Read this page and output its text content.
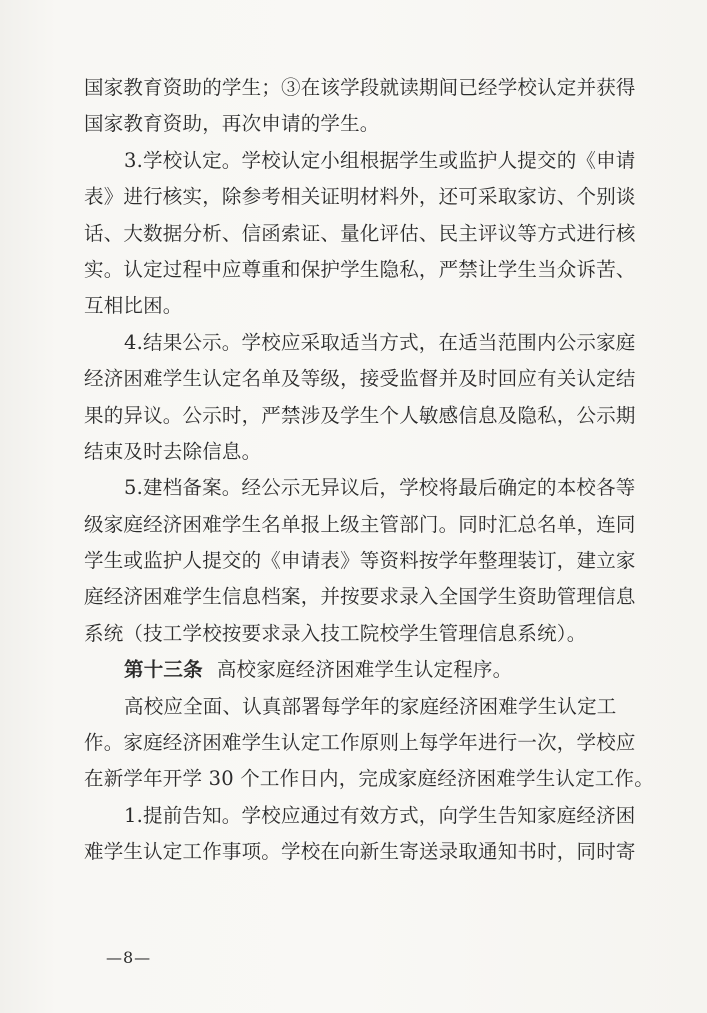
国家教育资助的学生；③在该学段就读期间已经学校认定并获得
国家教育资助，再次申请的学生。
3.学校认定。学校认定小组根据学生或监护人提交的《申请
表》进行核实，除参考相关证明材料外，还可采取家访、个别谈
话、大数据分析、信函索证、量化评估、民主评议等方式进行核
实。认定过程中应尊重和保护学生隐私，严禁让学生当众诉苦、
互相比困。
4.结果公示。学校应采取适当方式，在适当范围内公示家庭
经济困难学生认定名单及等级，接受监督并及时回应有关认定结
果的异议。公示时，严禁涉及学生个人敏感信息及隐私，公示期
结束及时去除信息。
5.建档备案。经公示无异议后，学校将最后确定的本校各等
级家庭经济困难学生名单报上级主管部门。同时汇总名单，连同
学生或监护人提交的《申请表》等资料按学年整理装订，建立家
庭经济困难学生信息档案，并按要求录入全国学生资助管理信息
系统（技工学校按要求录入技工院校学生管理信息系统）。
第十三条 高校家庭经济困难学生认定程序。
高校应全面、认真部署每学年的家庭经济困难学生认定工
作。家庭经济困难学生认定工作原则上每学年进行一次，学校应
在新学年开学 30 个工作日内，完成家庭经济困难学生认定工作。
1.提前告知。学校应通过有效方式，向学生告知家庭经济困
难学生认定工作事项。学校在向新生寄送录取通知书时，同时寄
—8—
